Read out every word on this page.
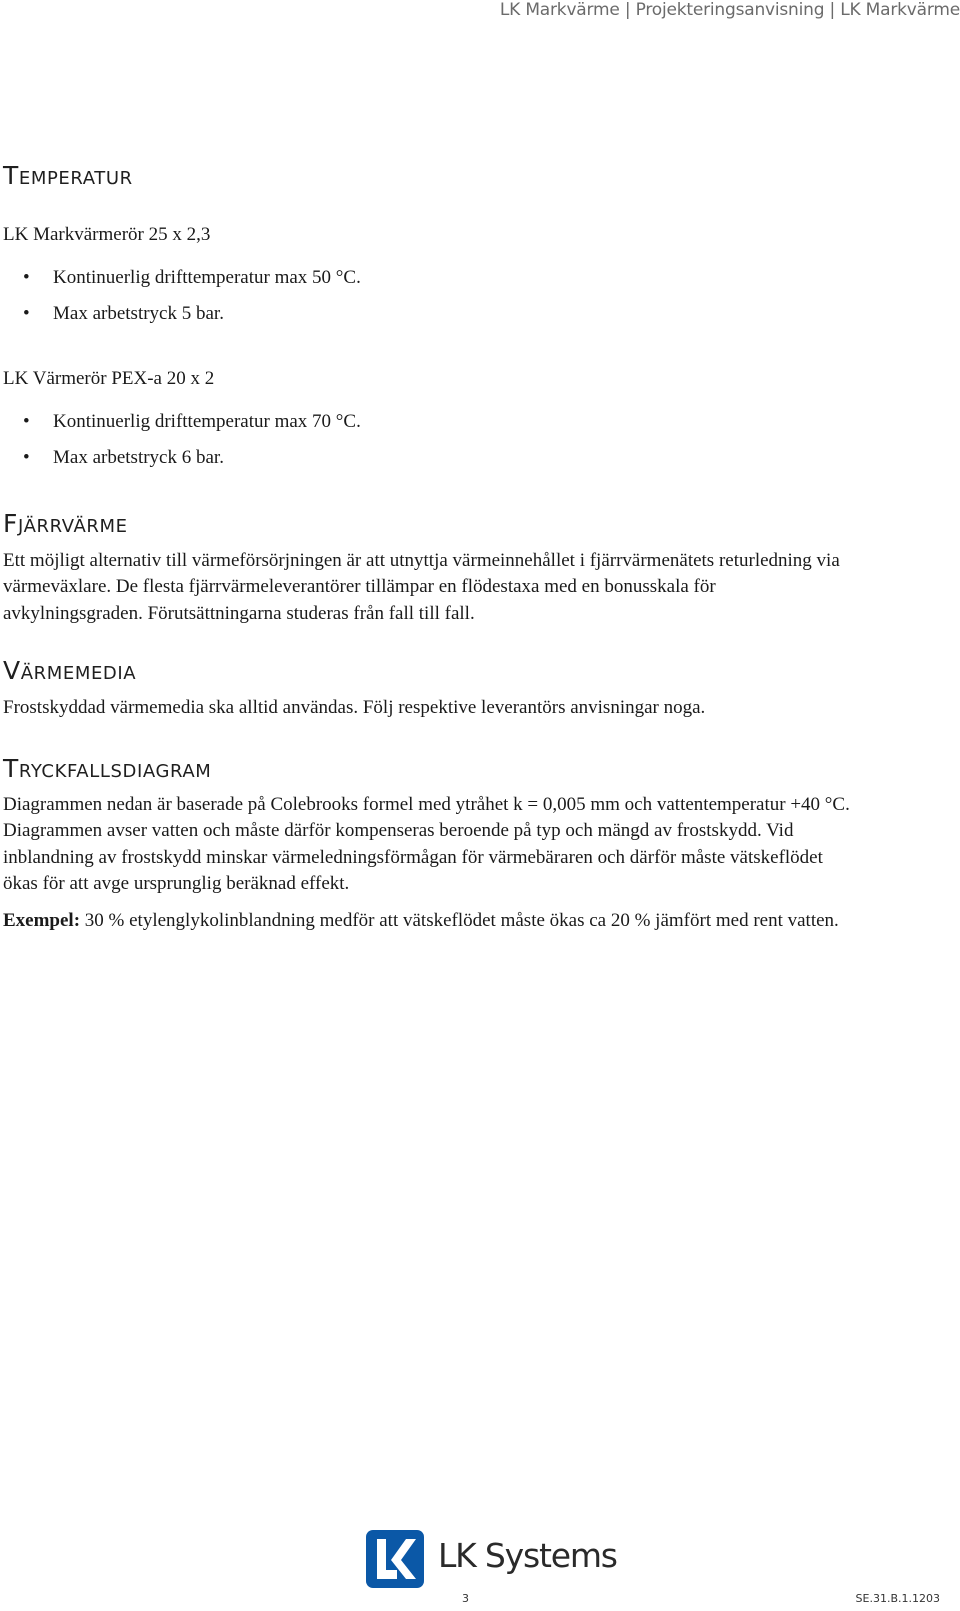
LK Markvärme | Projekteringsanvisning | LK Markvärme
Temperatur

LK Markvärmerör 25 x 2,3

• Kontinuerlig drifttemperatur max 50 °C.
• Max arbetstryck 5 bar.

LK Värmerör PEX-a 20 x 2

• Kontinuerlig drifttemperatur max 70 °C.
• Max arbetstryck 6 bar.
Fjärrvärme

Ett möjligt alternativ till värmeförsörjningen är att utnyttja värmeinnehållet i fjärrvärmenätets returledning via
värmeväxlare. De flesta fjärrvärmeleverantörer tillämpar en flödestaxa med en bonusskala för
avkylningsgraden. Förutsättningarna studeras från fall till fall.

Värmemedia

Frostskyddad värmemedia ska alltid användas. Följ respektive leverantörs anvisningar noga.

Tryckfallsdiagram

Diagrammen nedan är baserade på Colebrooks formel med ytråhet k = 0,005 mm och vattentemperatur +40 °C.
Diagrammen avser vatten och måste därför kompenseras beroende på typ och mängd av frostskydd. Vid
inblandning av frostskydd minskar värmeledningsförmågan för värmebäraren och därför måste vätskeflödet
ökas för att avge ursprunglig beräknad effekt.

Exempel: 30 % etylenglykolinblandning medför att vätskeflödet måste ökas ca 20 % jämfört med rent vatten.

LK Systems
3	SE.31.B.1.1203
